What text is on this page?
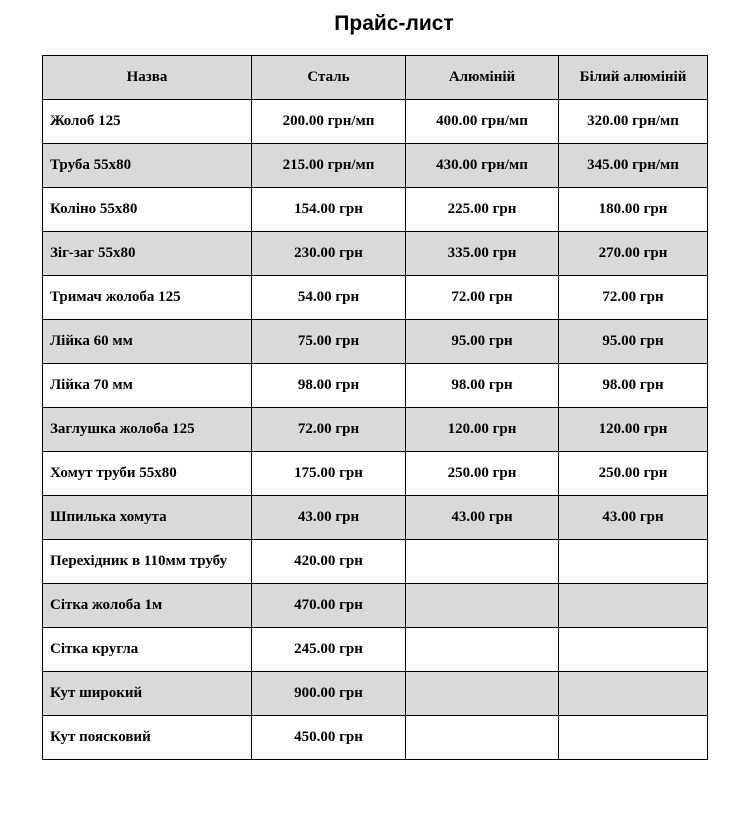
Прайс-лист
Назва	Сталь	Алюміній	Білий алюміній
Жолоб 125	200.00 грн/мп	400.00 грн/мп	320.00 грн/мп
Труба 55х80	215.00 грн/мп	430.00 грн/мп	345.00 грн/мп
Коліно 55х80	154.00 грн	225.00 грн	180.00 грн
Зіг-заг 55х80	230.00 грн	335.00 грн	270.00 грн
Тримач жолоба 125	54.00 грн	72.00 грн	72.00 грн
Лійка 60 мм	75.00 грн	95.00 грн	95.00 грн
Лійка 70 мм	98.00 грн	98.00 грн	98.00 грн
Заглушка жолоба 125	72.00 грн	120.00 грн	120.00 грн
Хомут труби 55х80	175.00 грн	250.00 грн	250.00 грн
Шпилька хомута	43.00 грн	43.00 грн	43.00 грн
Перехідник в 110мм трубу	420.00 грн		
Сітка жолоба 1м	470.00 грн		
Сітка кругла	245.00 грн		
Кут широкий	900.00 грн		
Кут поясковий	450.00 грн		
